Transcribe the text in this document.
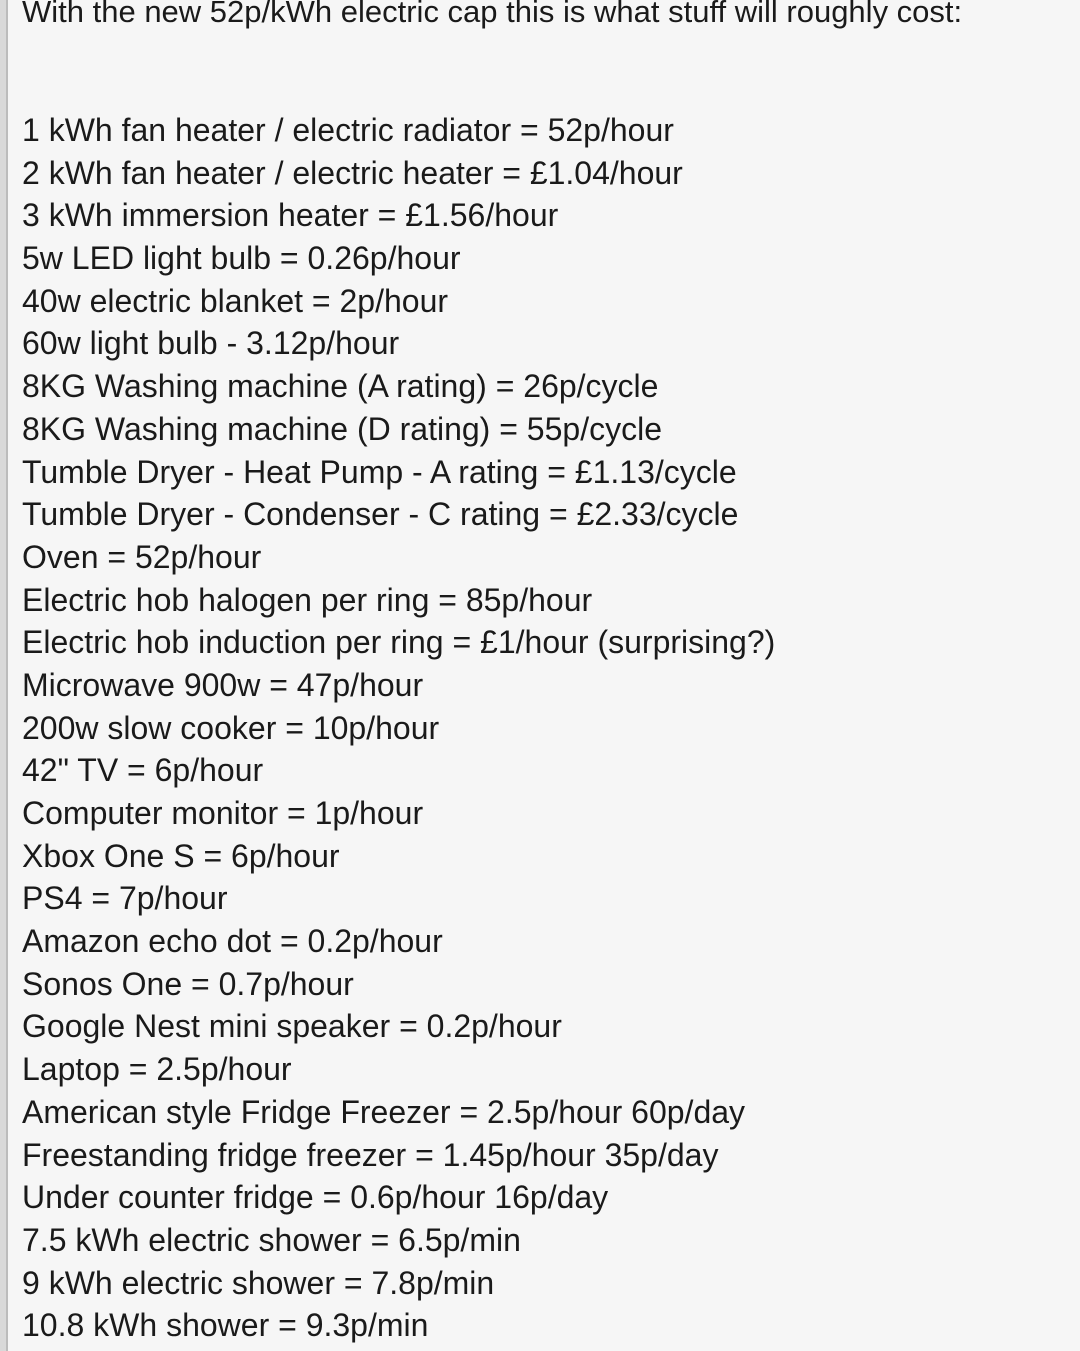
With the new 52p/kWh electric cap this is what stuff will roughly cost:

1 kWh fan heater / electric radiator = 52p/hour
2 kWh fan heater / electric heater = £1.04/hour
3 kWh immersion heater = £1.56/hour
5w LED light bulb = 0.26p/hour
40w electric blanket = 2p/hour
60w light bulb - 3.12p/hour
8KG Washing machine (A rating) = 26p/cycle
8KG Washing machine (D rating) = 55p/cycle
Tumble Dryer - Heat Pump - A rating = £1.13/cycle
Tumble Dryer - Condenser - C rating = £2.33/cycle
Oven = 52p/hour
Electric hob halogen per ring = 85p/hour
Electric hob induction per ring = £1/hour (surprising?)
Microwave 900w = 47p/hour
200w slow cooker = 10p/hour
42" TV = 6p/hour
Computer monitor = 1p/hour
Xbox One S = 6p/hour
PS4 = 7p/hour
Amazon echo dot = 0.2p/hour
Sonos One = 0.7p/hour
Google Nest mini speaker = 0.2p/hour
Laptop = 2.5p/hour
American style Fridge Freezer = 2.5p/hour 60p/day
Freestanding fridge freezer = 1.45p/hour 35p/day
Under counter fridge = 0.6p/hour 16p/day
7.5 kWh electric shower = 6.5p/min
9 kWh electric shower = 7.8p/min
10.8 kWh shower = 9.3p/min
